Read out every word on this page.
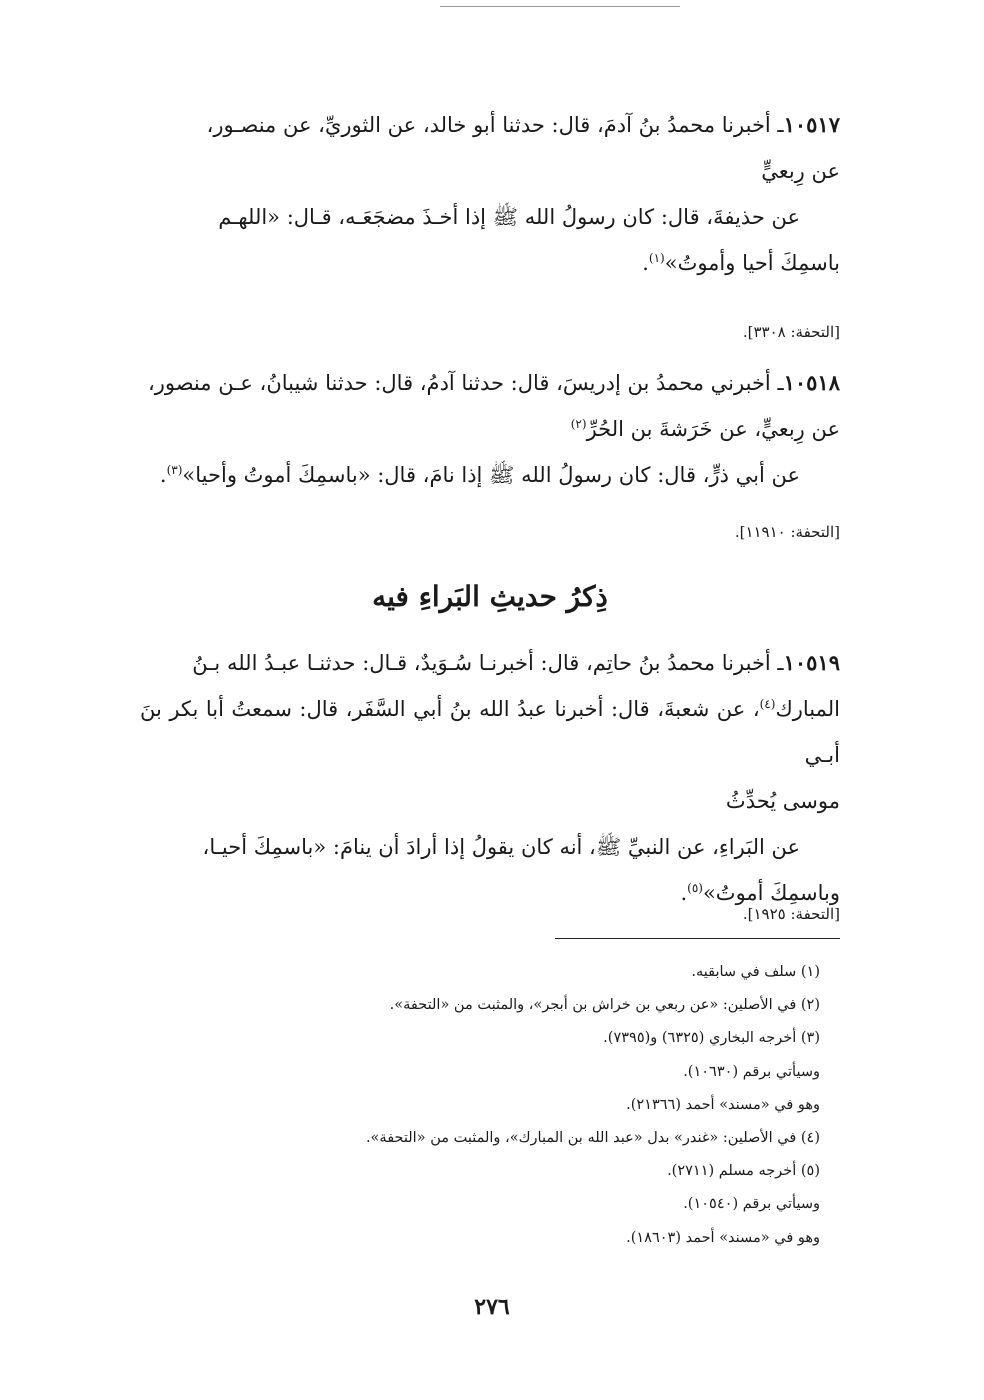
١٠٥١٧ـ أخبرنا محمدُ بنُ آدمَ، قال: حدثنا أبو خالد، عن الثوريِّ، عن منصـور،

عن رِبعيٍّ

عن حذيفةَ، قال: كان رسولُ الله ﷺ إذا أخـذَ مضجَعَـه، قـال: «اللهـم

باسمِكَ أحيا وأموتُ»$^{(١)}$.

[التحفة: ٣٣٠٨].

١٠٥١٨ـ أخبرني محمدُ بن إدريسَ، قال: حدثنا آدمُ، قال: حدثنا شيبانُ، عـن منصور،

عن رِبعيٍّ، عن خَرَشةَ بن الحُرِّ$^{(٢)}$

عن أبي ذرٍّ، قال: كان رسولُ الله ﷺ إذا نامَ، قال: «باسمِكَ أموتُ وأحيا»$^{(٣)}$.

[التحفة: ١١٩١٠].

ذِكرُ حديثِ البَراءِ فيه

١٠٥١٩ـ أخبرنا محمدُ بنُ حاتِم، قال: أخبرنـا سُـوَيدٌ، قـال: حدثنـا عبـدُ الله بـنُ

المبارك$^{(٤)}$، عن شعبةَ، قال: أخبرنا عبدُ الله بنُ أبي السَّفَر، قال: سمعتُ أبا بكر بنَ أبـي

موسى يُحدِّثُ

عن البَراءِ، عن النبيِّ ﷺ، أنه كان يقولُ إذا أرادَ أن ينامَ: «باسمِكَ أحيـا،

وباسمِكَ أموتُ»$^{(٥)}$.

[التحفة: ١٩٢٥].

(١) سلف في سابقيه.
(٢) في الأصلين: «عن ربعي بن خراش بن أبجر»، والمثبت من «التحفة».
(٣) أخرجه البخاري (٦٣٢٥) و(٧٣٩٥).
وسيأتي برقم (١٠٦٣٠).
وهو في «مسند» أحمد (٢١٣٦٦).
(٤) في الأصلين: «غندر» بدل «عبد الله بن المبارك»، والمثبت من «التحفة».
(٥) أخرجه مسلم (٢٧١١).
وسيأتي برقم (١٠٥٤٠).
وهو في «مسند» أحمد (١٨٦٠٣).
٢٧٦
